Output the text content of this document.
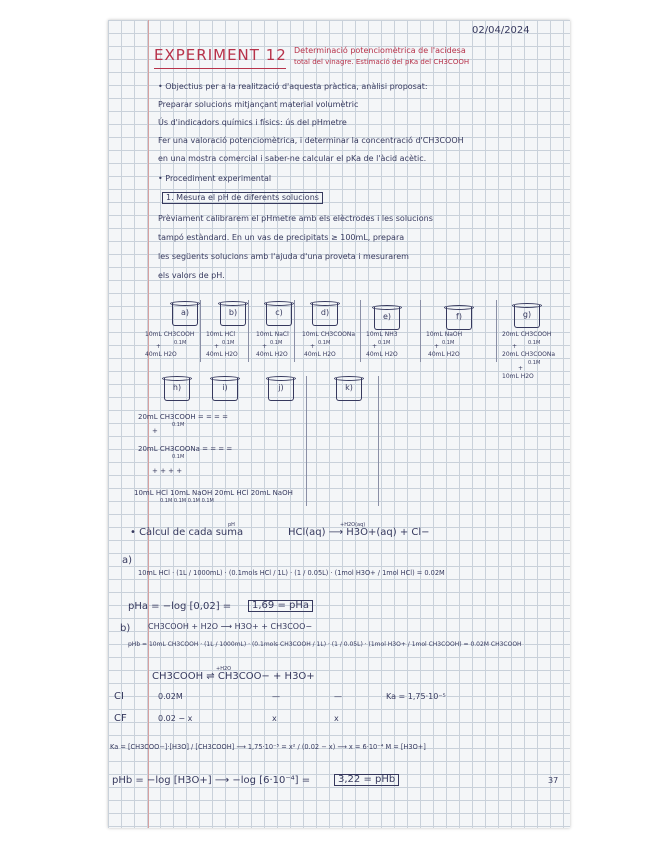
02/04/2024
EXPERIMENT 12 Determinació potenciomètrica de l'acidesa
total del vinagre. Estimació del pKa del CH3COOH
• Objectius per a la realització d'aquesta pràctica, anàlisi proposat:
Preparar solucions mitjançant material volumètric
Ús d'indicadors químics i físics: ús del pHmetre
Fer una valoració potenciomètrica, i determinar la concentració d'CH3COOH
en una mostra comercial i saber-ne calcular el pKa de l'àcid acètic.
• Procediment experimental
1. Mesura el pH de diferents solucions
Prèviament calibrarem el pHmetre amb els elèctrodes i les solucions
tampó estàndard. En un vas de precipitats ≥ 100mL, prepara
les següents solucions amb l'ajuda d'una proveta i mesurarem
els valors de pH.
a)
10mL CH3COOH
0.1M
+
40mL H2O
b)
10mL HCl
0.1M
+
40mL H2O
c)
10mL NaCl
0.1M
+
40mL H2O
d)
10mL CH3COONa
0.1M
+
40mL H2O
e)
10mL NH3
0.1M
+
40mL H2O
f)
10mL NaOH
0.1M
+
40mL H2O
g)
20mL CH3COOH
0.1M
+
20mL CH3COONa
0.1M
+
10mL H2O
h)	i)	j)	k)
20mL CH3COOH = = = =
0.1M
+
20mL CH3COONa = = = =
0.1M
+ + + +
10mL HCl 10mL NaOH 20mL HCl 20mL NaOH
0.1M 0.1M 0.1M 0.1M
pH
• Càlcul de cada suma
+H2O(aq)
HCl(aq) ⟶ H3O+(aq) + Cl−
a)
10mL HCl · (1L / 1000mL) · (0.1mols HCl / 1L) · (1 / 0.05L) · (1mol H3O+ / 1mol HCl) = 0.02M
pHa = −log [0,02] =	1,69 = pHa
b) CH3COOH + H2O ⟶ H3O+ + CH3COO−
pHb = 10mL CH3COOH · (1L / 1000mL) · (0.1mols CH3COOH / 1L) · (1 / 0.05L) · (1mol H3O+ / 1mol CH3COOH) = 0.02M CH3COOH
+H2O
CH3COOH ⇌ CH3COO− + H3O+
CI	0.02M	—	—	Ka = 1,75·10⁻⁵
CF	0.02 − x	x	x
Ka = [CH3COO−]·[H3O] / [CH3COOH] ⟶ 1,75·10⁻⁵ = x² / (0.02 − x) ⟶ x = 6·10⁻⁴ M = [H3O+]
pHb = −log [H3O+] ⟶ −log [6·10⁻⁴] =	3,22 = pHb	37
